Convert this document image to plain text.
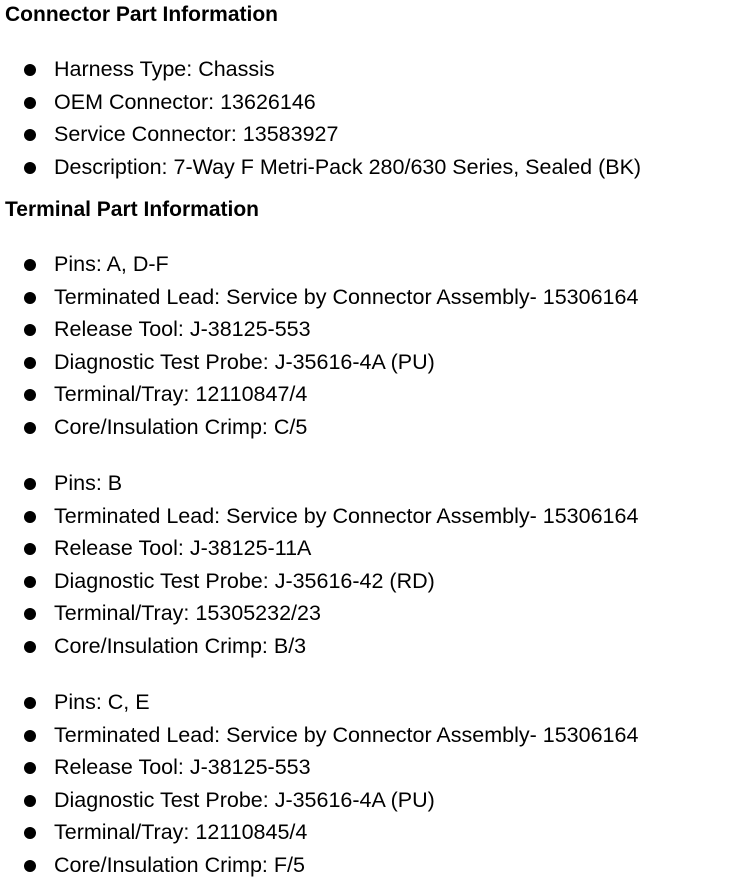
Connector Part Information
Harness Type: Chassis
OEM Connector: 13626146
Service Connector: 13583927
Description: 7-Way F Metri-Pack 280/630 Series, Sealed (BK)
Terminal Part Information
Pins: A, D-F
Terminated Lead: Service by Connector Assembly- 15306164
Release Tool: J-38125-553
Diagnostic Test Probe: J-35616-4A (PU)
Terminal/Tray: 12110847/4
Core/Insulation Crimp: C/5
Pins: B
Terminated Lead: Service by Connector Assembly- 15306164
Release Tool: J-38125-11A
Diagnostic Test Probe: J-35616-42 (RD)
Terminal/Tray: 15305232/23
Core/Insulation Crimp: B/3
Pins: C, E
Terminated Lead: Service by Connector Assembly- 15306164
Release Tool: J-38125-553
Diagnostic Test Probe: J-35616-4A (PU)
Terminal/Tray: 12110845/4
Core/Insulation Crimp: F/5
